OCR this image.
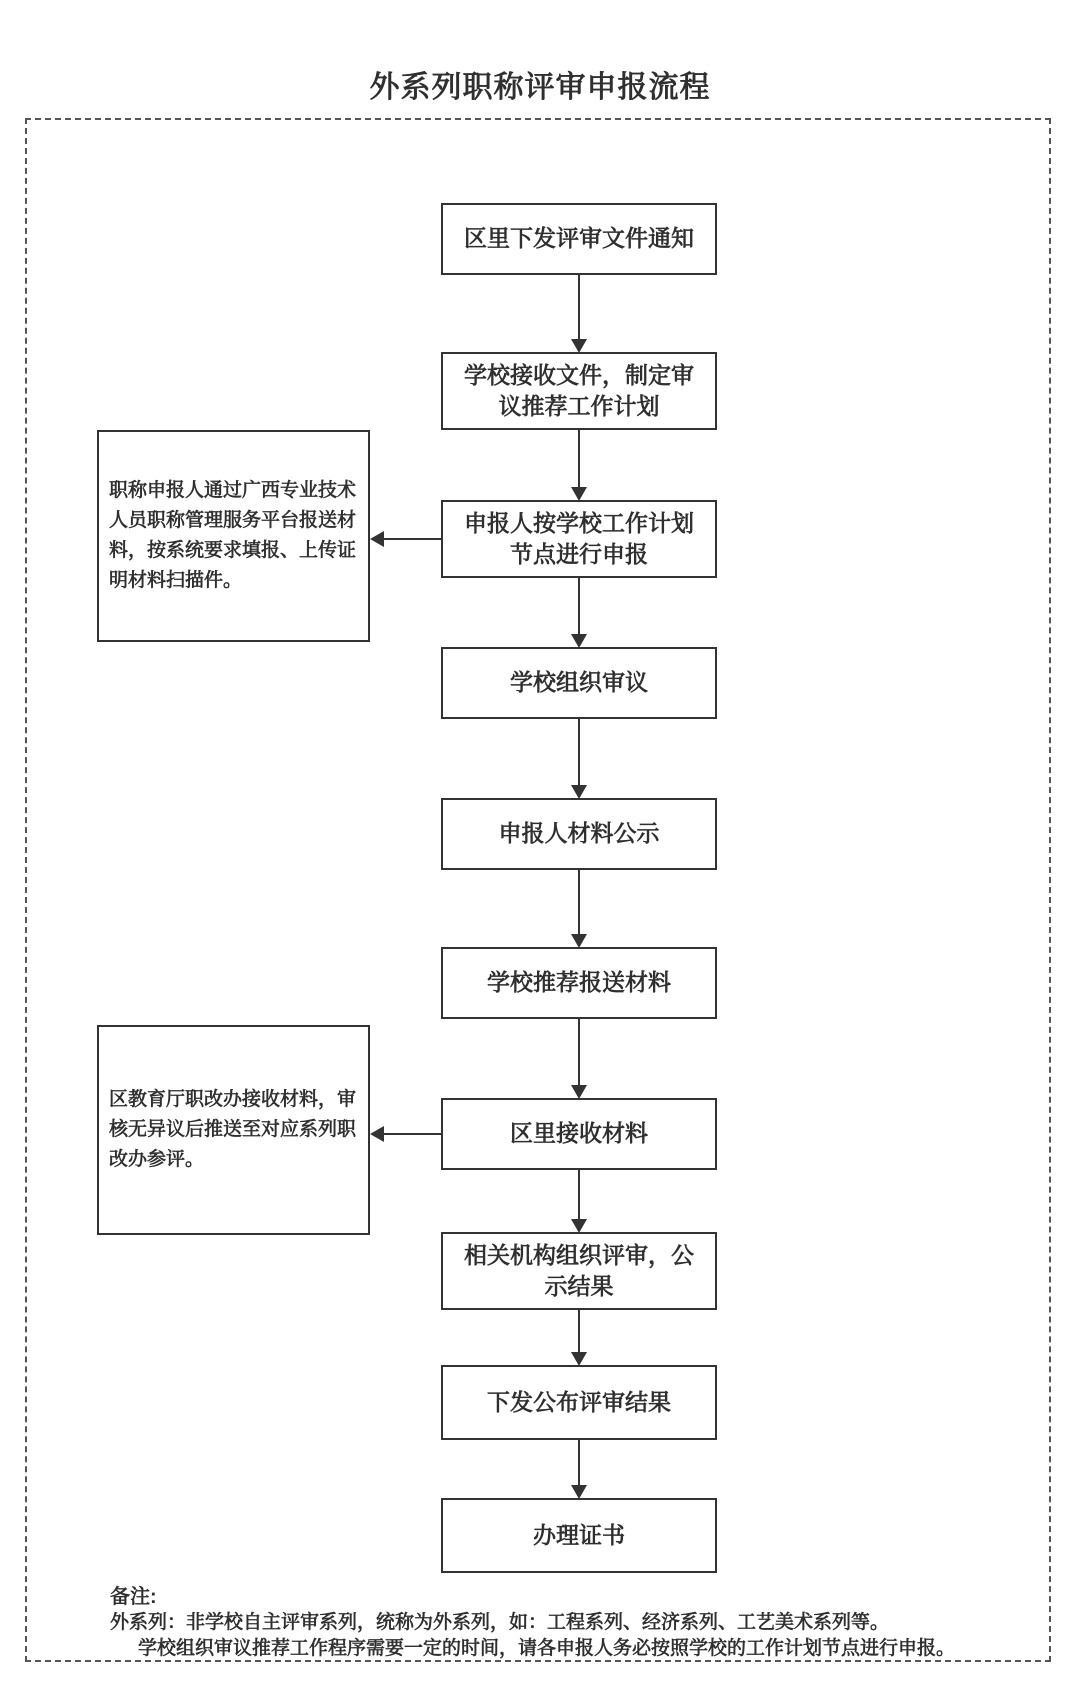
外系列职称评审申报流程
区里下发评审文件通知
学校接收文件，制定审议推荐工作计划
申报人按学校工作计划节点进行申报
学校组织审议
申报人材料公示
学校推荐报送材料
区里接收材料
相关机构组织评审，公示结果
下发公布评审结果
办理证书
职称申报人通过广西专业技术人员职称管理服务平台报送材料，按系统要求填报、上传证明材料扫描件。
区教育厅职改办接收材料，审核无异议后推送至对应系列职改办参评。
备注:
外系列：非学校自主评审系列，统称为外系列，如：工程系列、经济系列、工艺美术系列等。
学校组织审议推荐工作程序需要一定的时间，请各申报人务必按照学校的工作计划节点进行申报。
